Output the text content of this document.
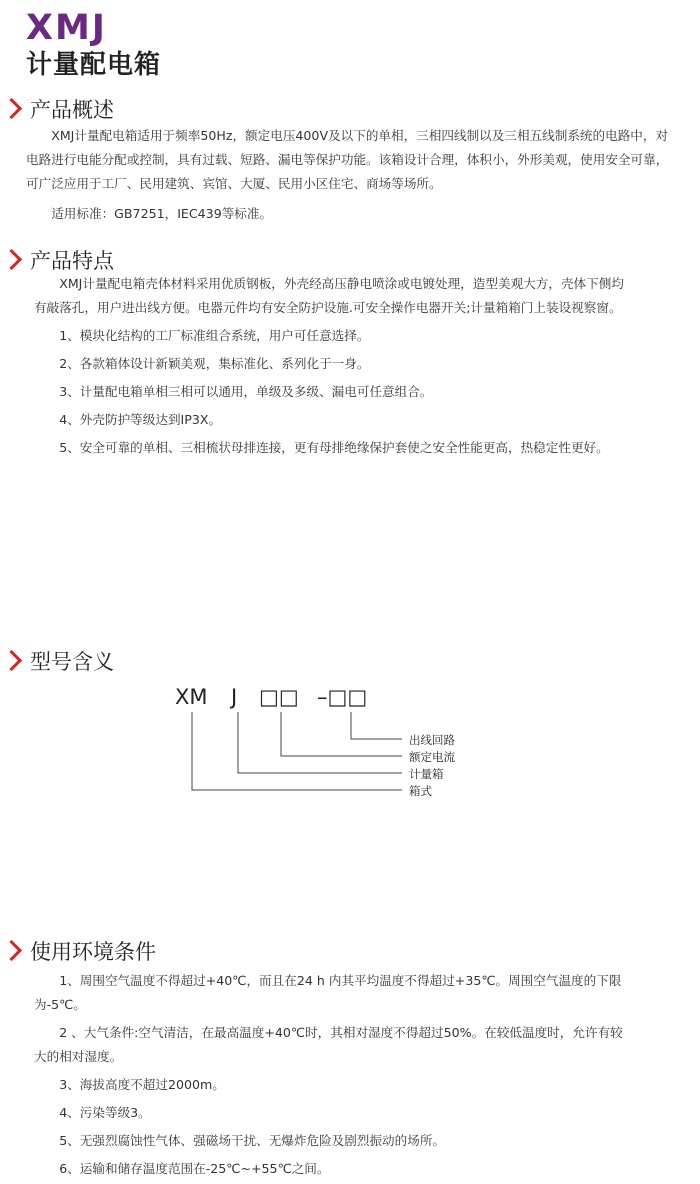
XMJ
计量配电箱
产品概述

XMJ计量配电箱适用于频率50Hz，额定电压400V及以下的单相，三相四线制以及三相五线制系统的电路中，对电路进行电能分配或控制，具有过载、短路、漏电等保护功能。该箱设计合理，体积小，外形美观，使用安全可靠，可广泛应用于工厂、民用建筑、宾馆、大厦、民用小区住宅、商场等场所。

适用标准：GB7251，IEC439等标准。

产品特点

XMJ计量配电箱壳体材料采用优质钢板，外壳经高压静电喷涂或电镀处理，造型美观大方，壳体下侧均有敲落孔，用户进出线方便。电器元件均有安全防护设施.可安全操作电器开关;计量箱箱门上装设视察窗。

1、模块化结构的工厂标准组合系统，用户可任意选择。
2、各款箱体设计新颖美观，集标准化、系列化于一身。
3、计量配电箱单相三相可以通用，单级及多级、漏电可任意组合。
4、外壳防护等级达到IP3X。
5、安全可靠的单相、三相梳状母排连接，更有母排绝缘保护套使之安全性能更高，热稳定性更好。
型号含义
XM J □□ –□□
出线回路
额定电流
计量箱
箱式
使用环境条件
1、周围空气温度不得超过+40℃，而且在24 h 内其平均温度不得超过+35℃。周围空气温度的下限为-5℃。
2 、大气条件:空气清洁，在最高温度+40℃时，其相对湿度不得超过50%。在较低温度时，允许有较大的相对湿度。
3、海拔高度不超过2000m。
4、污染等级3。
5、无强烈腐蚀性气体、强磁场干扰、无爆炸危险及剧烈振动的场所。
6、运输和储存温度范围在-25℃~+55℃之间。
